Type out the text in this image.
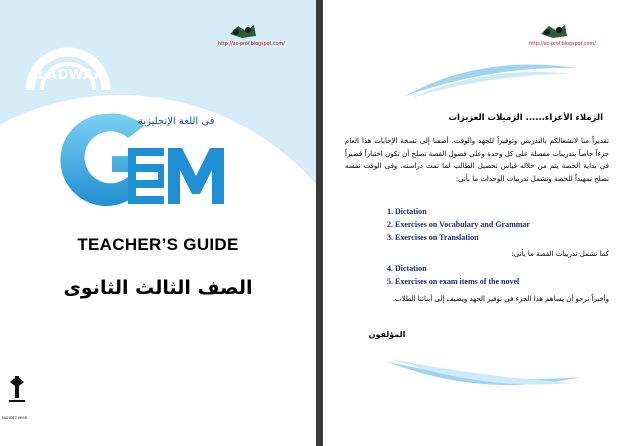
ALADWAA
http://ac-prof.blogspot.com/
فى اللغة الإنجليزية
TEACHER’S GUIDE
الصف الثالث الثانوى
NAHDET MISR
http://ac-prof.blogspot.com/
الزملاء الأعزاء...... الزميلات العزيزات
تقديراً منا لانشغالكم بالتدريس وتوفيراً للجهد والوقت، أضفنا إلى نسخة الإجابات هذا العام جزءاً خاصاً بتدريبات مفصلة على كل وحدة وعلى فصول القصة تصلح أن تكون اختباراً قصيراً فى بداية الحصة يتم من خلاله قياس تحصيل الطالب لما تمت دراسته، وفى الوقت نفسه تصلح تمهيداً للحصة وتشمل تدريبات الوحدات ما يأتى:
1. Dictation
2. Exercises on Vocabulary and Grammar
3. Exercises on Translation
كما تشمل تدريبات القصة ما يأتى:
4. Dictation
5. Exercises on exam items of the novel
وأخيراً نرجو أن يساهم هذا الجزء فى توفير الجهد ويضيف إلى أبنائنا الطلاب.
المؤلفون
